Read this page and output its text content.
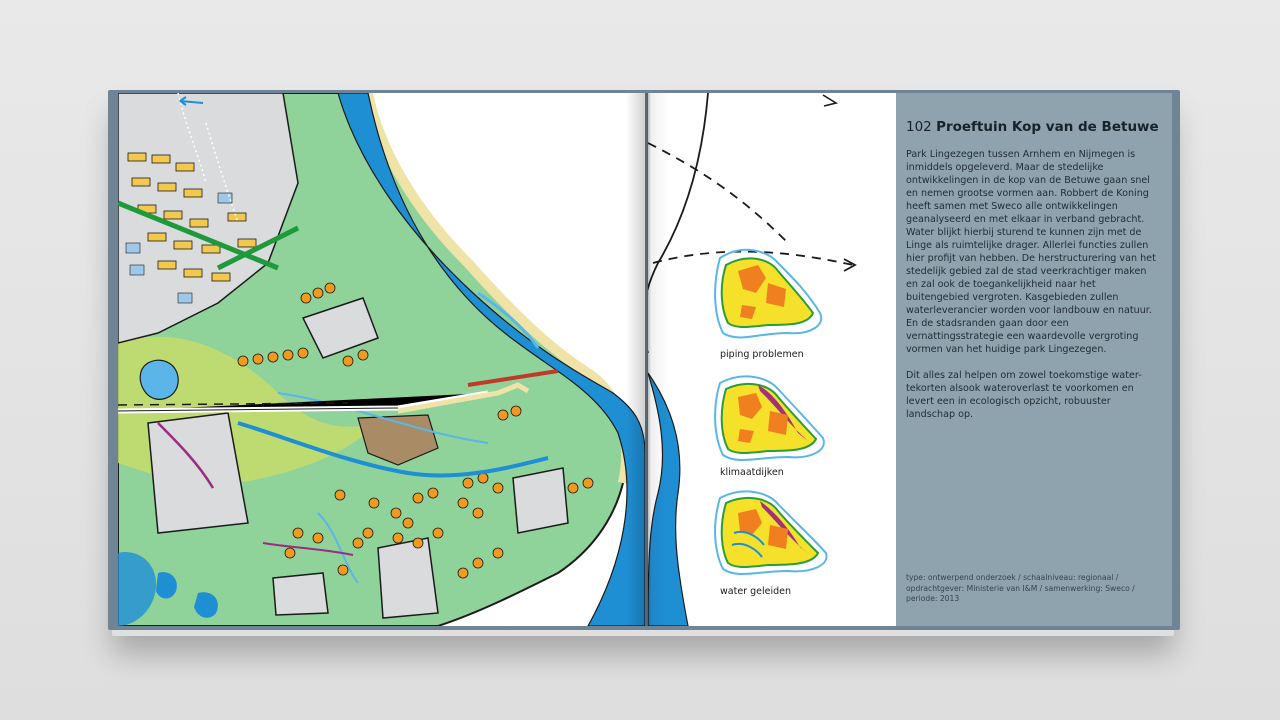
piping problemen
klimaatdijken
water geleiden
102 Proeftuin Kop van de Betuwe

Park Lingezegen tussen Arnhem en Nijmegen is inmiddels opgeleverd. Maar de stedelijke ontwikkelingen in de kop van de Betuwe gaan snel en nemen grootse vormen aan. Robbert de Koning heeft samen met Sweco alle ontwikkelingen geanalyseerd en met elkaar in verband gebracht. Water blijkt hierbij sturend te kunnen zijn met de Linge als ruimtelijke drager. Allerlei functies zullen hier profijt van hebben. De herstructurering van het stedelijk gebied zal de stad veerkrachtiger maken en zal ook de toegankelijkheid naar het buitengebied vergroten. Kasgebieden zullen waterleverancier worden voor landbouw en natuur. En de stadsranden gaan door een vernattingsstrategie een waardevolle vergroting vormen van het huidige park Lingezegen.

Dit alles zal helpen om zowel toekomstige water-tekorten alsook wateroverlast te voorkomen en levert een in ecologisch opzicht, robuuster landschap op.

type: ontwerpend onderzoek / schaalniveau: regionaal / opdrachtgever: Ministerie van I&M / samenwerking: Sweco / periode: 2013
